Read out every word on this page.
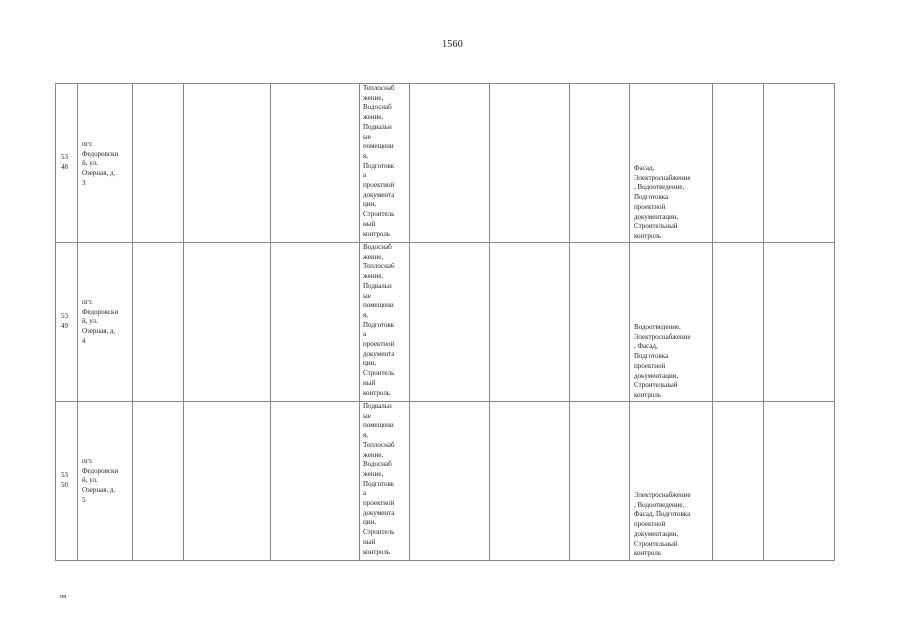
1560
53
48
пгт.
Федоровски
й, ул.
Озерная, д.
3
Теплоснаб
жение,
Водоснаб
жение,
Подвальн
ые
помещени
я,
Подготовк
а
проектной
документа
ции,
Строитель
ный
контроль
Фасад,
Электроснабжение
, Водоотведение,
Подготовка
проектной
документации,
Строительный
контроль
53
49
пгт.
Федоровски
й, ул.
Озерная, д.
4
Водоснаб
жение,
Теплосна6
жение,
Подвальн
ые
помещени
я,
Подготовк
а
проектной
документа
ции,
Строитель
ный
контроль
Водоотведение,
Электроснабжение
, Фасад,
Подготовка
проектной
документации,
Строительный
контроль
53
50
пгт.
Федоровски
й, ул.
Озерная, д.
5
Подвальн
ые
помещени
я,
Теплоснаб
жение,
Водоснаб
жение,
Подготовк
а
проектной
документа
ции,
Строитель
ный
контроль
Электроснабжение
, Водоотведение,
Фасад, Подготовка
проектной
документации,
Строительный
контроль
нн
